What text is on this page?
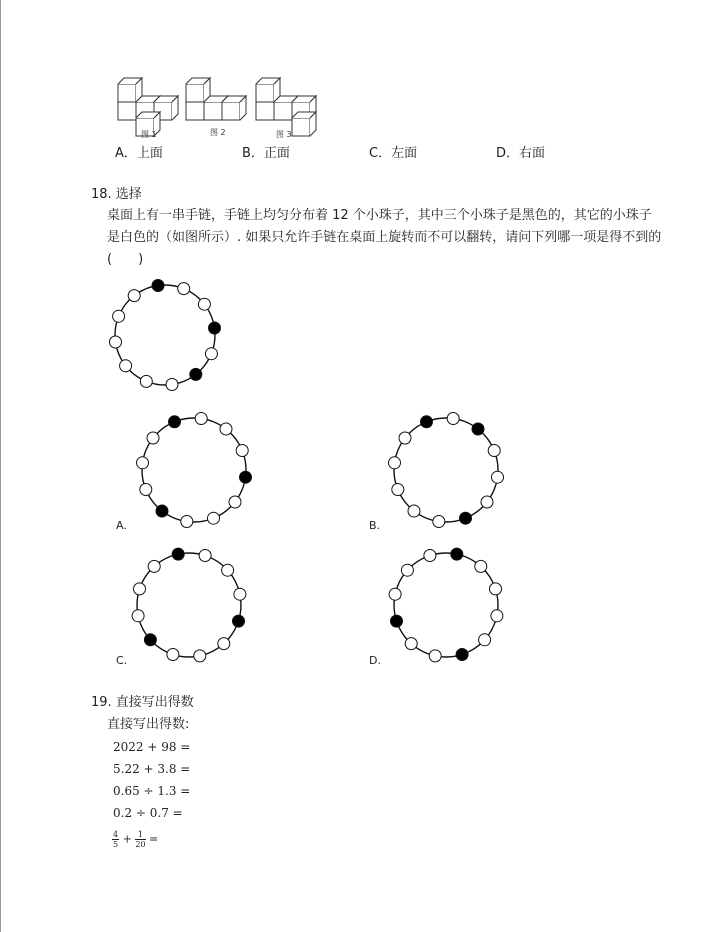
图 1	图 2	图 3
A．上面	B．正面	C．左面	D．右面
18. 选择
桌面上有一串手链，手链上均匀分布着 12 个小珠子，其中三个小珠子是黑色的，其它的小珠子
是白色的（如图所示）. 如果只允许手链在桌面上旋转而不可以翻转，请问下列哪一项是得不到的
(　　)
A.	B.
C.	D.
19. 直接写出得数
直接写出得数:
2022 + 98 =
5.22 + 3.8 =
0.65 ÷ 1.3 =
0.2 ÷ 0.7 =
$\frac{4}{5} + \frac{1}{20}$ =
